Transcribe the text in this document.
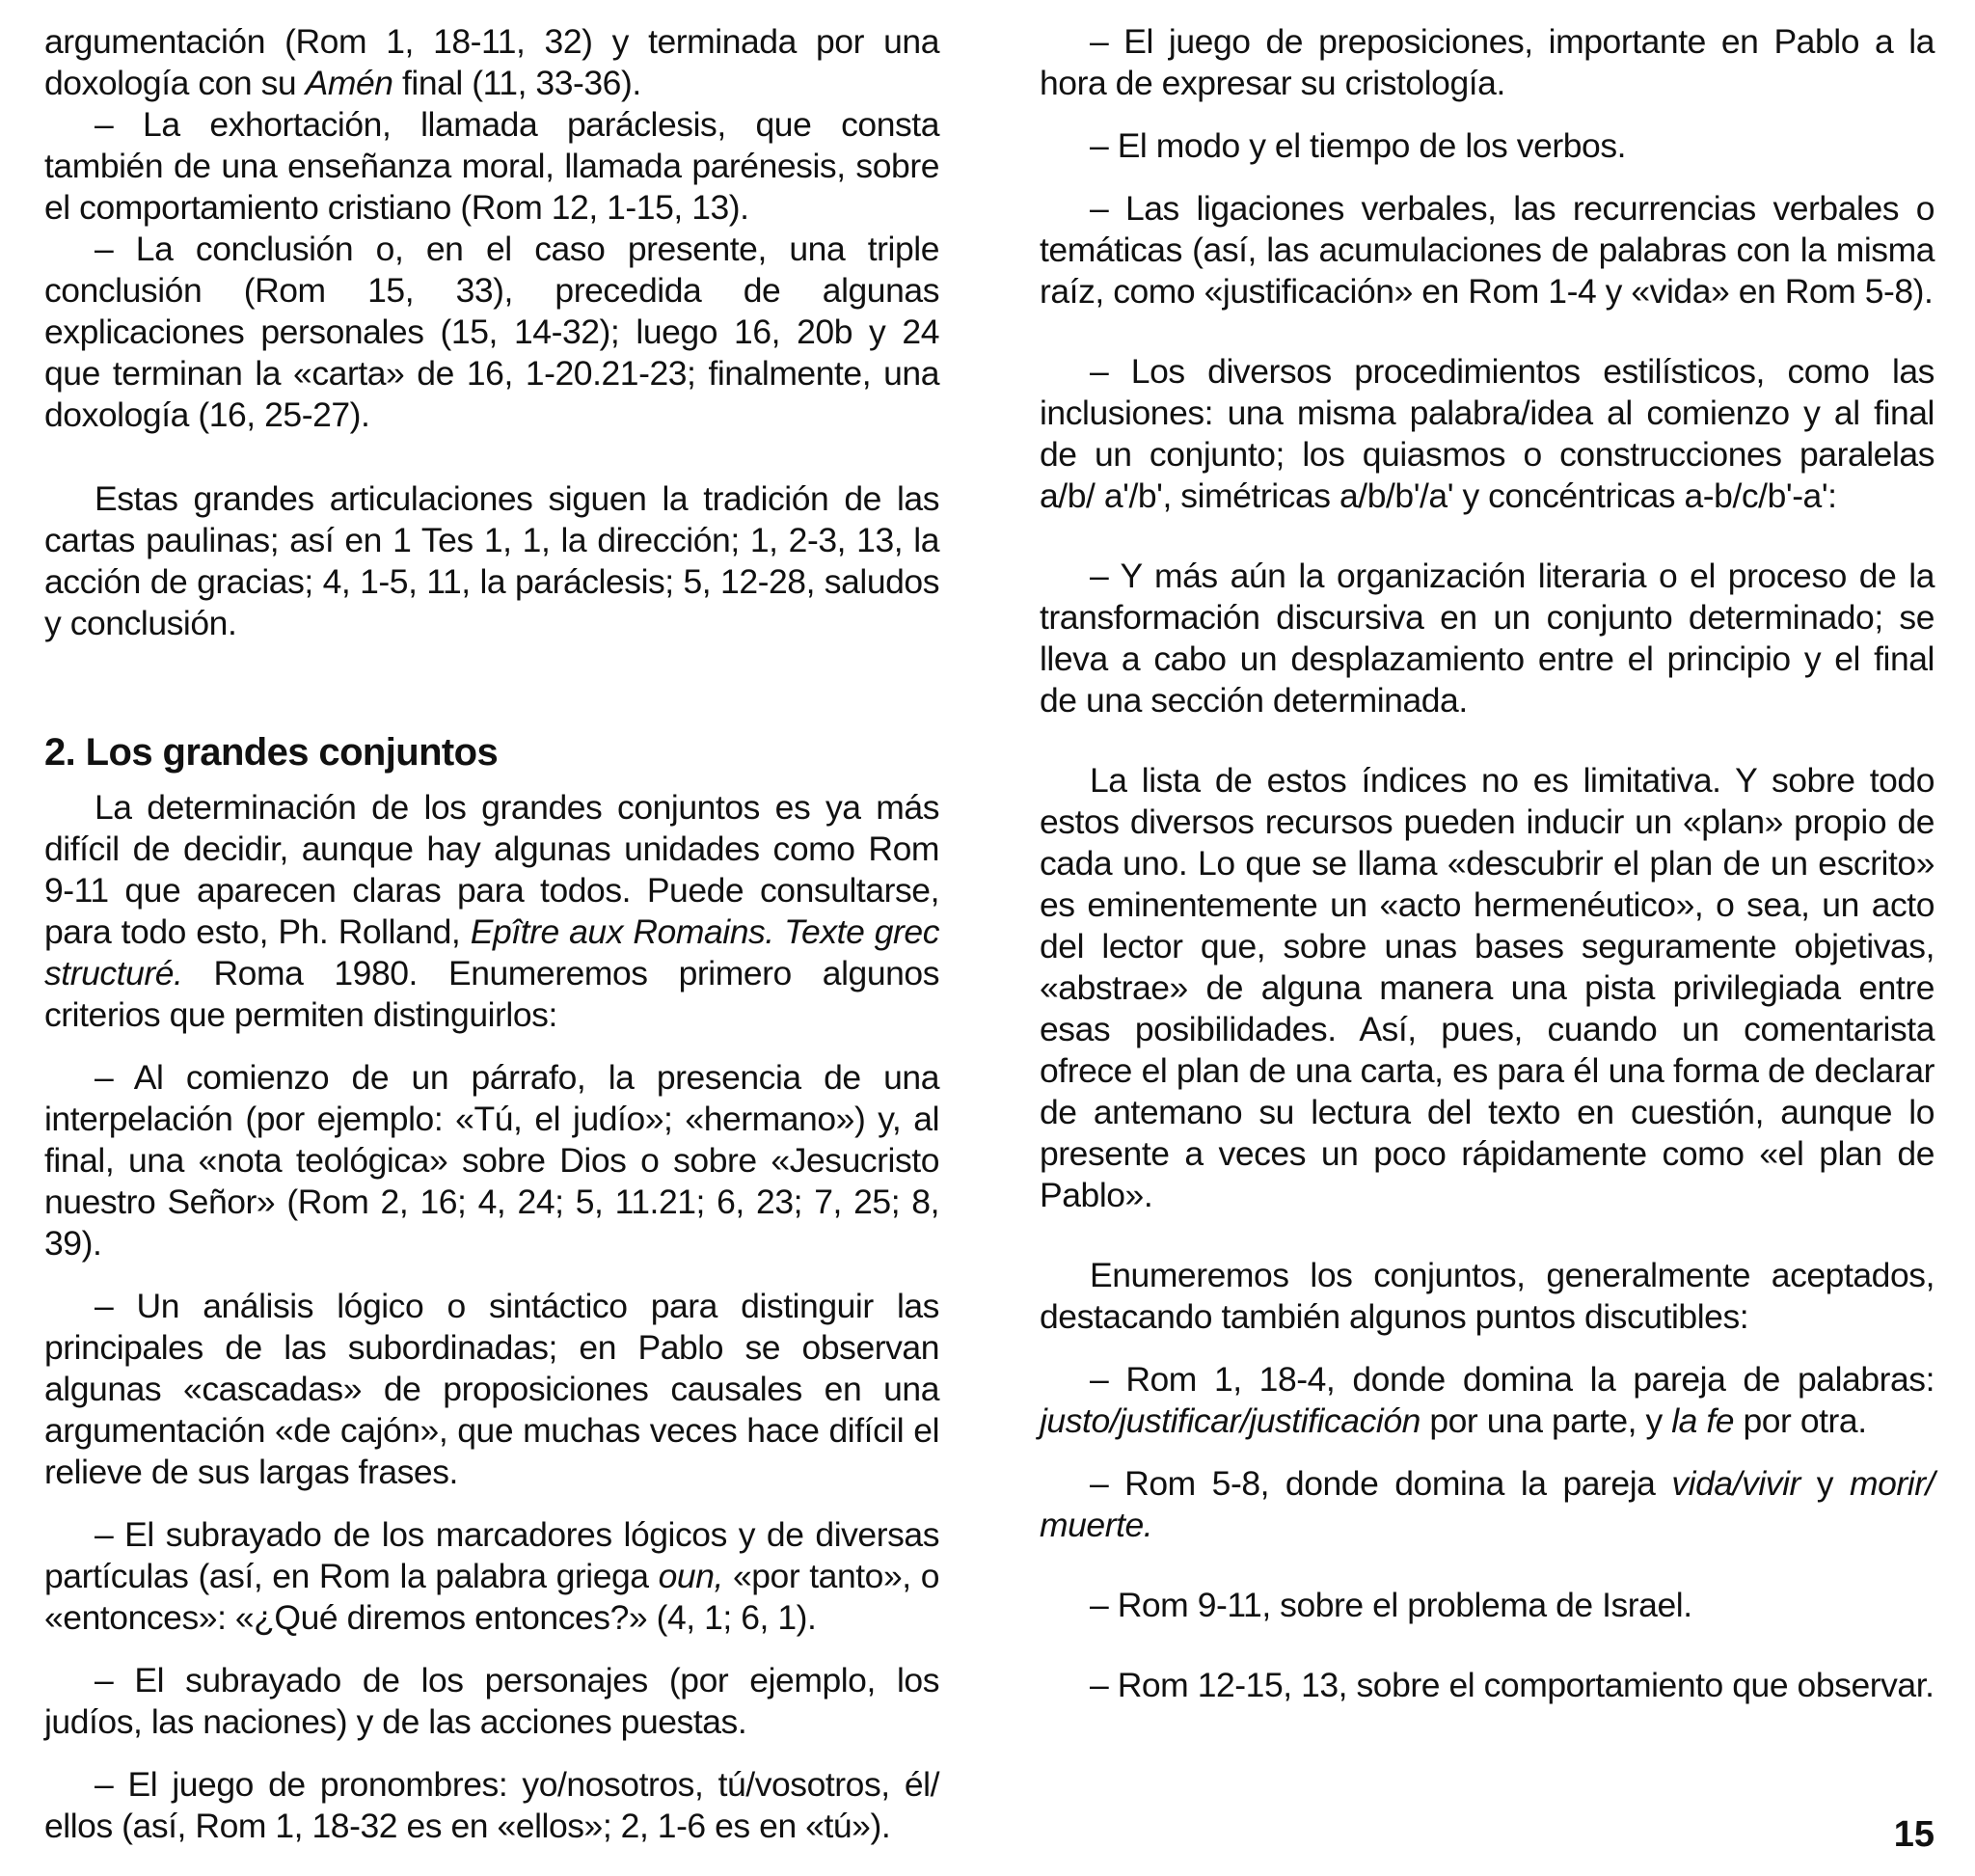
argumentación (Rom 1, 18-11, 32) y terminada por una doxología con su Amén final (11, 33-36).

– La exhortación, llamada paráclesis, que consta también de una enseñanza moral, llamada parénesis, sobre el comportamiento cristiano (Rom 12, 1-15, 13).

– La conclusión o, en el caso presente, una triple conclusión (Rom 15, 33), precedida de algunas explicaciones personales (15, 14-32); luego 16, 20b y 24 que terminan la «carta» de 16, 1-20.21-23; finalmente, una doxología (16, 25-27).

Estas grandes articulaciones siguen la tradición de las cartas paulinas; así en 1 Tes 1, 1, la dirección; 1, 2-3, 13, la acción de gracias; 4, 1-5, 11, la paráclesis; 5, 12-28, saludos y conclusión.

2. Los grandes conjuntos

La determinación de los grandes conjuntos es ya más difícil de decidir, aunque hay algunas unidades como Rom 9-11 que aparecen claras para todos. Puede consultarse, para todo esto, Ph. Rolland, Epître aux Romains. Texte grec structuré. Roma 1980. Enumeremos primero algunos criterios que permiten distinguirlos:

– Al comienzo de un párrafo, la presencia de una interpelación (por ejemplo: «Tú, el judío»; «hermano») y, al final, una «nota teológica» sobre Dios o sobre «Jesucristo nuestro Señor» (Rom 2, 16; 4, 24; 5, 11.21; 6, 23; 7, 25; 8, 39).

– Un análisis lógico o sintáctico para distinguir las principales de las subordinadas; en Pablo se observan algunas «cascadas» de proposiciones causales en una argumentación «de cajón», que muchas veces hace difícil el relieve de sus largas frases.

– El subrayado de los marcadores lógicos y de diversas partículas (así, en Rom la palabra griega oun, «por tanto», o «entonces»: «¿Qué diremos entonces?» (4, 1; 6, 1).

– El subrayado de los personajes (por ejemplo, los judíos, las naciones) y de las acciones puestas.

– El juego de pronombres: yo/nosotros, tú/vosotros, él/ ellos (así, Rom 1, 18-32 es en «ellos»; 2, 1-6 es en «tú»).

– El juego de preposiciones, importante en Pablo a la hora de expresar su cristología.

– El modo y el tiempo de los verbos.

– Las ligaciones verbales, las recurrencias verbales o temáticas (así, las acumulaciones de palabras con la misma raíz, como «justificación» en Rom 1-4 y «vida» en Rom 5-8).

– Los diversos procedimientos estilísticos, como las inclusiones: una misma palabra/idea al comienzo y al final de un conjunto; los quiasmos o construcciones paralelas a/b/ a'/b', simétricas a/b/b'/a' y concéntricas a-b/c/b'-a':

– Y más aún la organización literaria o el proceso de la transformación discursiva en un conjunto determinado; se lleva a cabo un desplazamiento entre el principio y el final de una sección determinada.

La lista de estos índices no es limitativa. Y sobre todo estos diversos recursos pueden inducir un «plan» propio de cada uno. Lo que se llama «descubrir el plan de un escrito» es eminentemente un «acto hermenéutico», o sea, un acto del lector que, sobre unas bases seguramente objetivas, «abstrae» de alguna manera una pista privilegiada entre esas posibilidades. Así, pues, cuando un comentarista ofrece el plan de una carta, es para él una forma de declarar de antemano su lectura del texto en cuestión, aunque lo presente a veces un poco rápidamente como «el plan de Pablo».

Enumeremos los conjuntos, generalmente aceptados, destacando también algunos puntos discutibles:

– Rom 1, 18-4, donde domina la pareja de palabras: justo/justificar/justificación por una parte, y la fe por otra.

– Rom 5-8, donde domina la pareja vida/vivir y morir/ muerte.

– Rom 9-11, sobre el problema de Israel.

– Rom 12-15, 13, sobre el comportamiento que observar.

15
